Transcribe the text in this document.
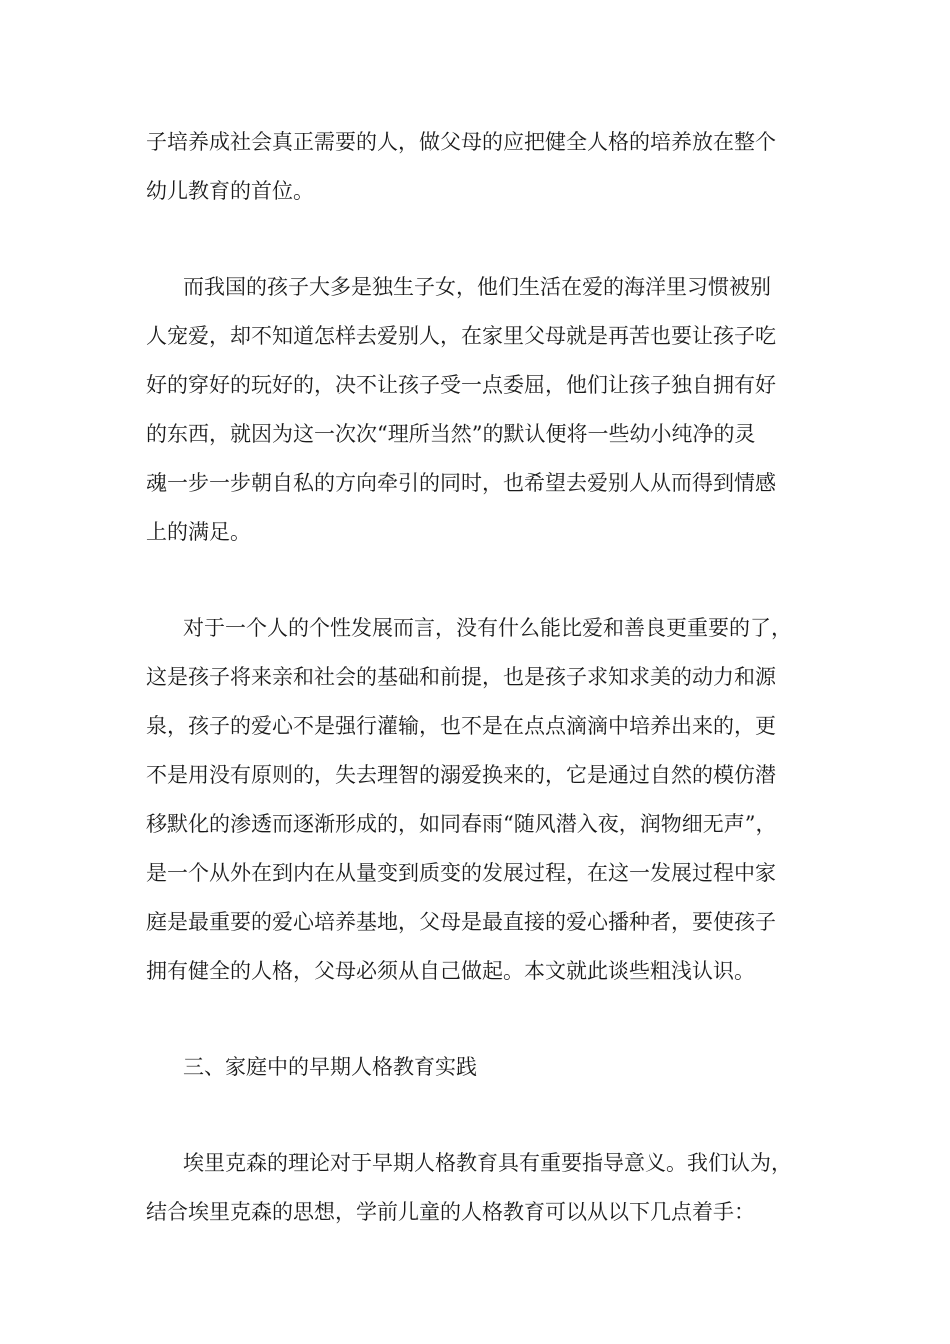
子培养成社会真正需要的人，做父母的应把健全人格的培养放在整个
幼儿教育的首位。
而我国的孩子大多是独生子女，他们生活在爱的海洋里习惯被别
人宠爱，却不知道怎样去爱别人，在家里父母就是再苦也要让孩子吃
好的穿好的玩好的，决不让孩子受一点委屈，他们让孩子独自拥有好
的东西，就因为这一次次“理所当然”的默认便将一些幼小纯净的灵
魂一步一步朝自私的方向牵引的同时，也希望去爱别人从而得到情感
上的满足。
对于一个人的个性发展而言，没有什么能比爱和善良更重要的了，
这是孩子将来亲和社会的基础和前提，也是孩子求知求美的动力和源
泉，孩子的爱心不是强行灌输，也不是在点点滴滴中培养出来的，更
不是用没有原则的，失去理智的溺爱换来的，它是通过自然的模仿潜
移默化的渗透而逐渐形成的，如同春雨“随风潜入夜，润物细无声”，
是一个从外在到内在从量变到质变的发展过程，在这一发展过程中家
庭是最重要的爱心培养基地，父母是最直接的爱心播种者，要使孩子
拥有健全的人格，父母必须从自己做起。本文就此谈些粗浅认识。
三、家庭中的早期人格教育实践
埃里克森的理论对于早期人格教育具有重要指导意义。我们认为，
结合埃里克森的思想，学前儿童的人格教育可以从以下几点着手：
